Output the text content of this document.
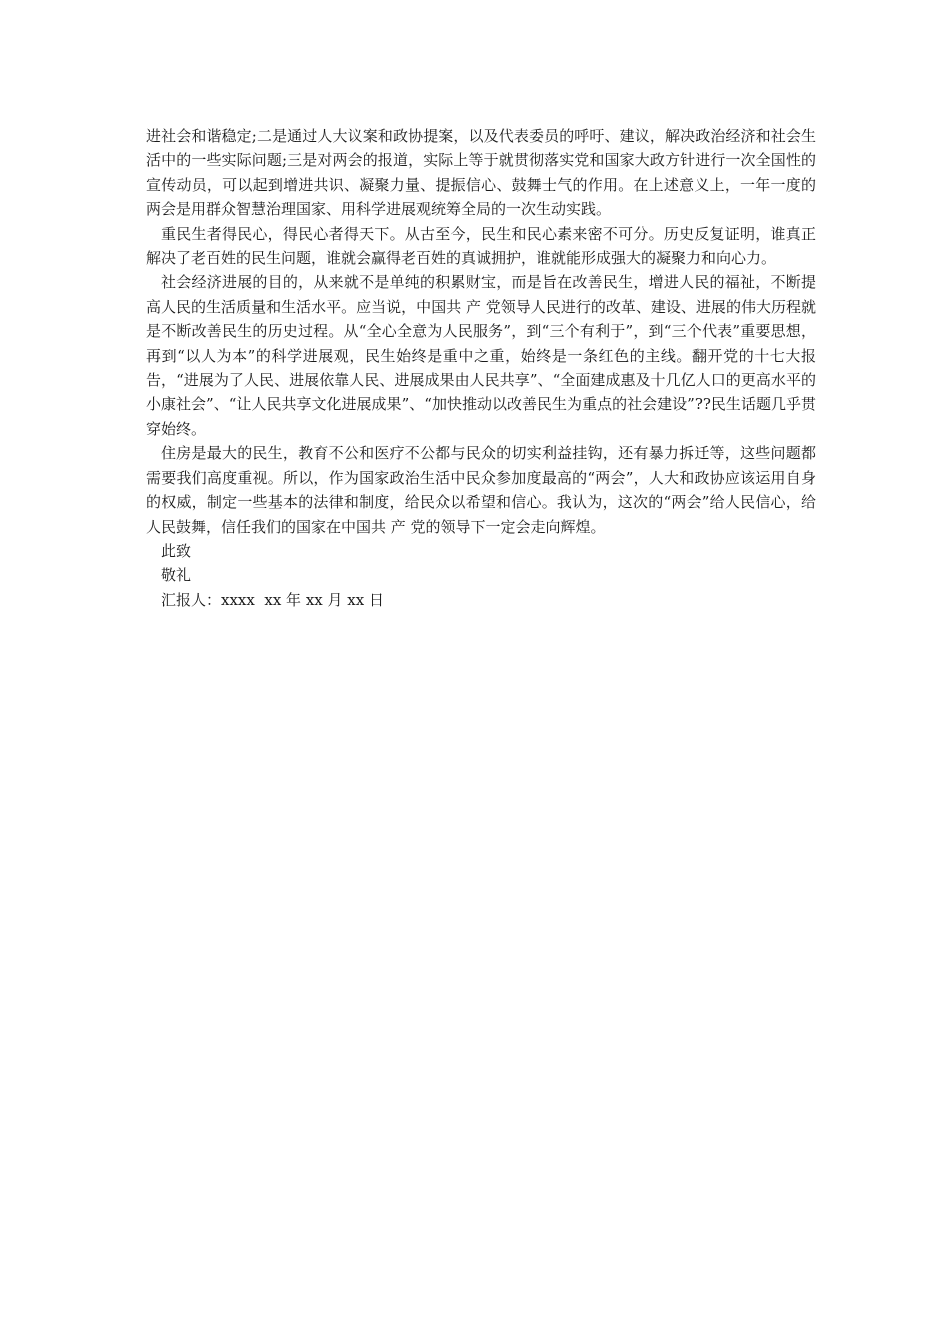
进社会和谐稳定;二是通过人大议案和政协提案，以及代表委员的呼吁、建议，解决政治经济和社会生活中的一些实际问题;三是对两会的报道，实际上等于就贯彻落实党和国家大政方针进行一次全国性的宣传动员，可以起到增进共识、凝聚力量、提振信心、鼓舞士气的作用。在上述意义上，一年一度的两会是用群众智慧治理国家、用科学进展观统筹全局的一次生动实践。

重民生者得民心，得民心者得天下。从古至今，民生和民心素来密不可分。历史反复证明，谁真正解决了老百姓的民生问题，谁就会赢得老百姓的真诚拥护，谁就能形成强大的凝聚力和向心力。

社会经济进展的目的，从来就不是单纯的积累财宝，而是旨在改善民生，增进人民的福祉，不断提高人民的生活质量和生活水平。应当说，中国共 产 党领导人民进行的改革、建设、进展的伟大历程就是不断改善民生的历史过程。从“全心全意为人民服务”，到“三个有利于”，到“三个代表”重要思想，再到“以人为本”的科学进展观，民生始终是重中之重，始终是一条红色的主线。翻开党的十七大报告，“进展为了人民、进展依靠人民、进展成果由人民共享”、“全面建成惠及十几亿人口的更高水平的小康社会”、“让人民共享文化进展成果”、“加快推动以改善民生为重点的社会建设”??民生话题几乎贯穿始终。

住房是最大的民生，教育不公和医疗不公都与民众的切实利益挂钩，还有暴力拆迁等，这些问题都需要我们高度重视。所以，作为国家政治生活中民众参加度最高的“两会”，人大和政协应该运用自身的权威，制定一些基本的法律和制度，给民众以希望和信心。我认为，这次的“两会”给人民信心，给人民鼓舞，信任我们的国家在中国共 产 党的领导下一定会走向辉煌。

此致

敬礼

汇报人：xxxx  xx 年 xx 月 xx 日
